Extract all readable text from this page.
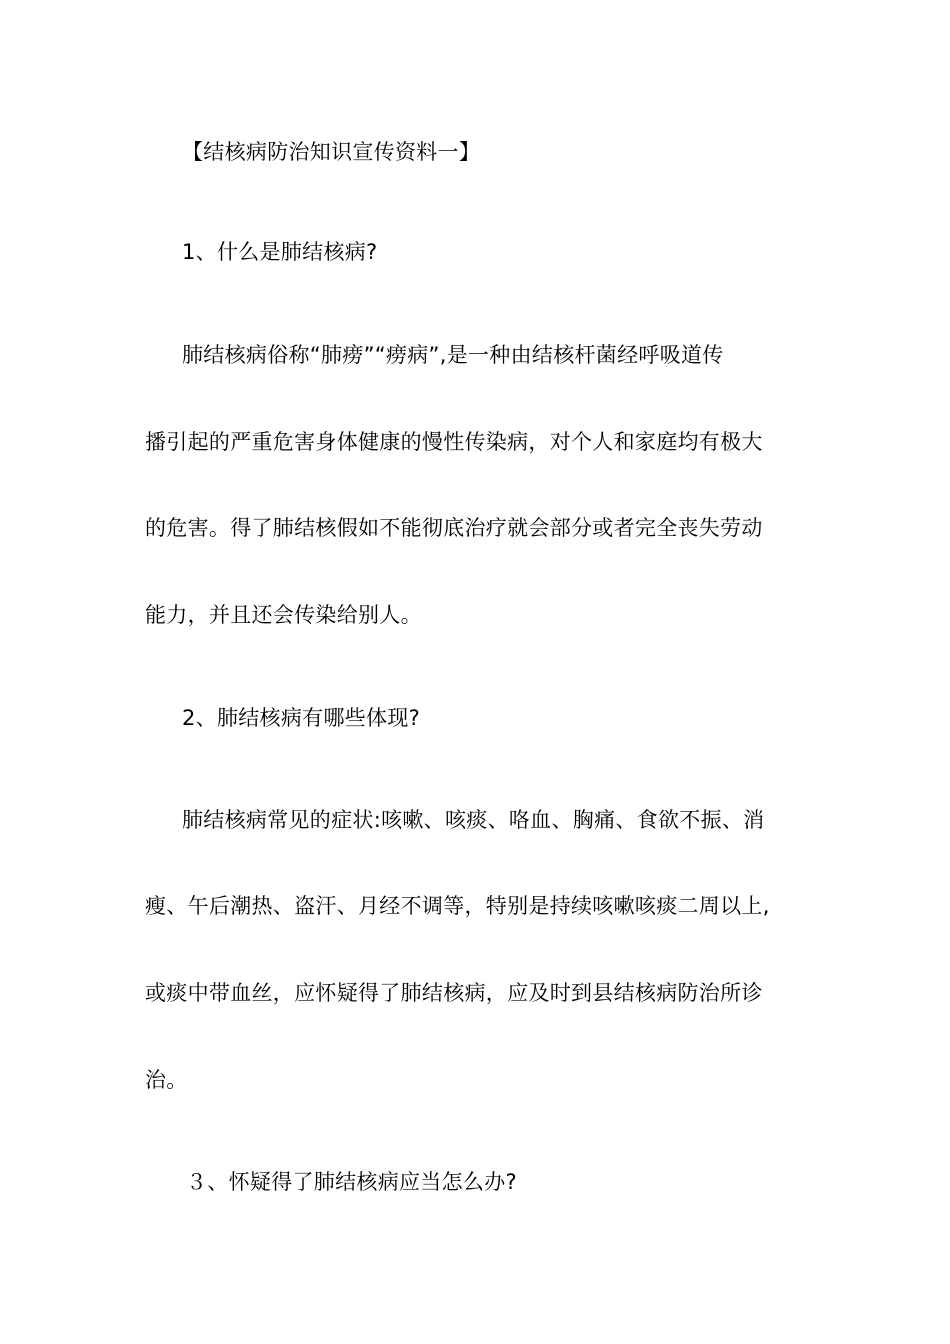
【结核病防治知识宣传资料一】
1、什么是肺结核病?
肺结核病俗称“肺痨”“痨病”,是一种由结核杆菌经呼吸道传
播引起的严重危害身体健康的慢性传染病，对个人和家庭均有极大
的危害。得了肺结核假如不能彻底治疗就会部分或者完全丧失劳动
能力，并且还会传染给别人。
2、肺结核病有哪些体现?
肺结核病常见的症状:咳嗽、咳痰、咯血、胸痛、食欲不振、消
瘦、午后潮热、盗汗、月经不调等，特别是持续咳嗽咳痰二周以上,
或痰中带血丝，应怀疑得了肺结核病，应及时到县结核病防治所诊
治。
３、怀疑得了肺结核病应当怎么办?
